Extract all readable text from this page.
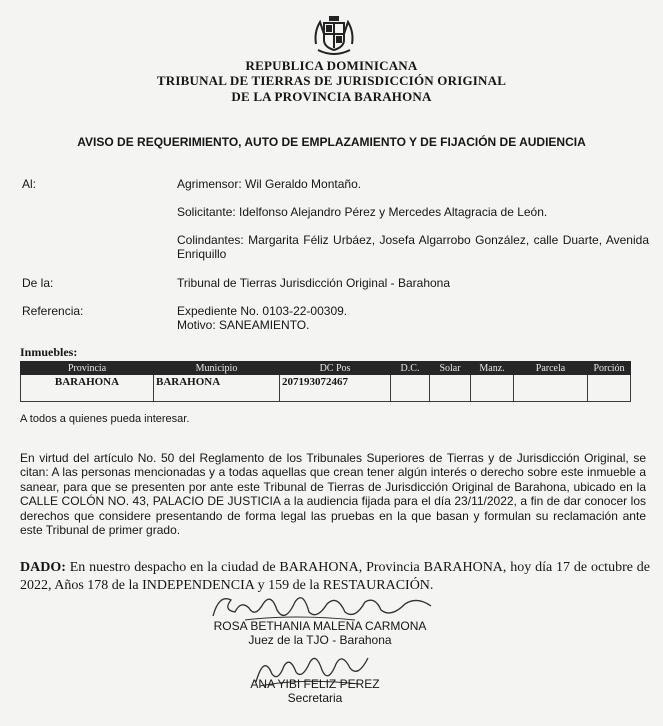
REPUBLICA DOMINICANA
TRIBUNAL DE TIERRAS DE JURISDICCIÓN ORIGINAL
DE LA PROVINCIA BARAHONA
AVISO DE REQUERIMIENTO, AUTO DE EMPLAZAMIENTO Y DE FIJACIÓN DE AUDIENCIA
Al:	Agrimensor: Wil Geraldo Montaño.
Solicitante: Idelfonso Alejandro Pérez y Mercedes Altagracia de León.
Colindantes: Margarita Féliz Urbáez, Josefa Algarrobo González, calle Duarte, Avenida Enriquillo
De la:	Tribunal de Tierras Jurisdicción Original - Barahona
Referencia:	Expediente No. 0103-22-00309.
Motivo: SANEAMIENTO.
Inmuebles:
Provincia	Municipio	DC Pos	D.C.	Solar	Manz.	Parcela	Porción
BARAHONA	BARAHONA	207193072467					
A todos a quienes pueda interesar.
En virtud del artículo No. 50 del Reglamento de los Tribunales Superiores de Tierras y de Jurisdicción Original, se citan: A las personas mencionadas y a todas aquellas que crean tener algún interés o derecho sobre este inmueble a sanear, para que se presenten por ante este Tribunal de Tierras de Jurisdicción Original de Barahona, ubicado en la CALLE COLÓN NO. 43, PALACIO DE JUSTICIA a la audiencia fijada para el día 23/11/2022, a fin de dar conocer los derechos que considere presentando de forma legal las pruebas en la que basan y formulan su reclamación ante este Tribunal de primer grado.
DADO: En nuestro despacho en la ciudad de BARAHONA, Provincia BARAHONA, hoy día 17 de octubre de 2022, Años 178 de la INDEPENDENCIA y 159 de la RESTAURACIÓN.
ROSA BETHANIA MALENA CARMONA
Juez de la TJO - Barahona
ANA YIBI FELIZ PEREZ
Secretaria
